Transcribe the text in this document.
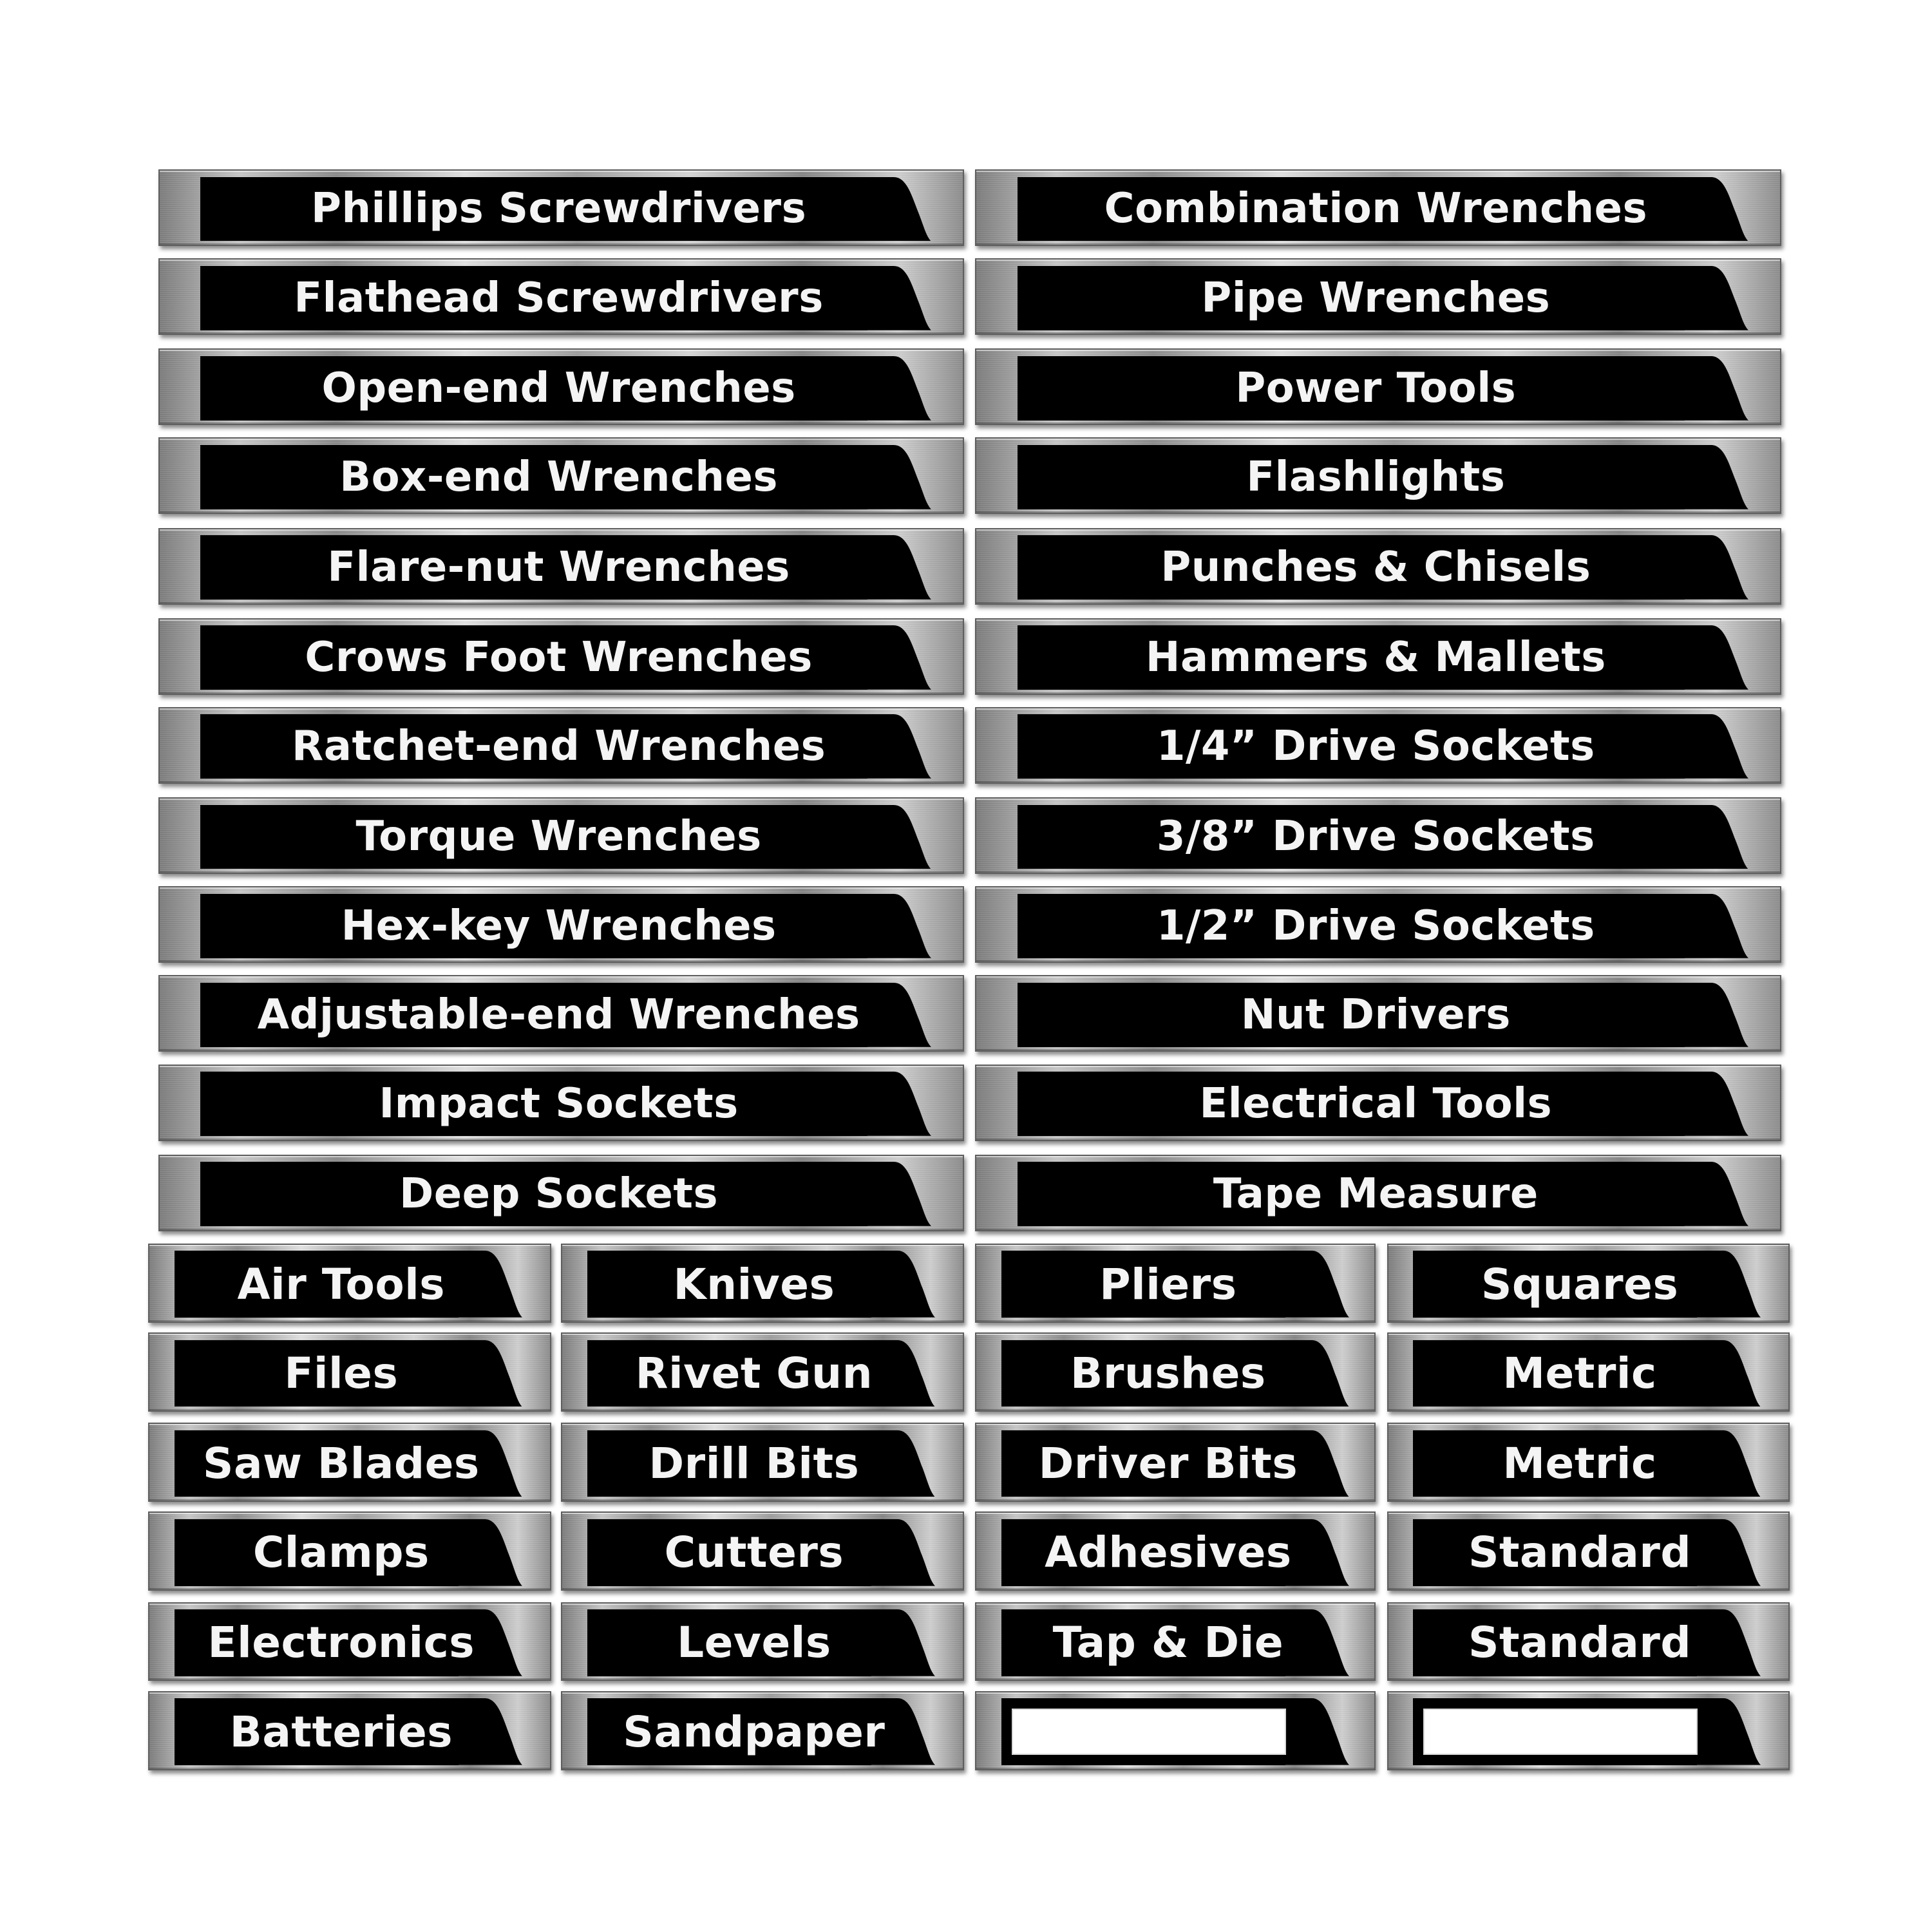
Phillips Screwdrivers
Flathead Screwdrivers
Open-end Wrenches
Box-end Wrenches
Flare-nut Wrenches
Crows Foot Wrenches
Ratchet-end Wrenches
Torque Wrenches
Hex-key Wrenches
Adjustable-end Wrenches
Impact Sockets
Deep Sockets
Combination Wrenches
Pipe Wrenches
Power Tools
Flashlights
Punches & Chisels
Hammers & Mallets
1/4” Drive Sockets
3/8” Drive Sockets
1/2” Drive Sockets
Nut Drivers
Electrical Tools
Tape Measure
Air Tools
Files
Saw Blades
Clamps
Electronics
Batteries
Knives
Rivet Gun
Drill Bits
Cutters
Levels
Sandpaper
Pliers
Brushes
Driver Bits
Adhesives
Tap & Die
Squares
Metric
Metric
Standard
Standard
